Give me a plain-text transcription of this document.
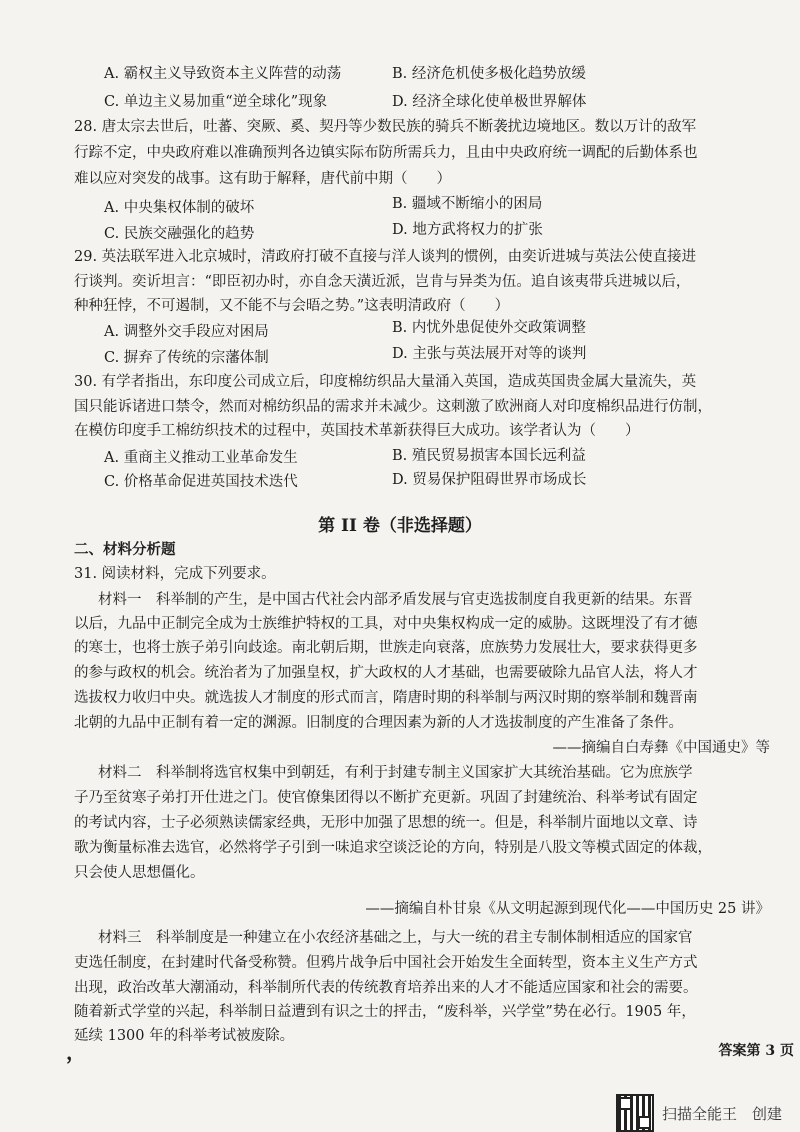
A. 霸权主义导致资本主义阵营的动荡	B. 经济危机使多极化趋势放缓
C. 单边主义易加重“逆全球化”现象	D. 经济全球化使单极世界解体
28. 唐太宗去世后，吐蕃、突厥、奚、契丹等少数民族的骑兵不断袭扰边境地区。数以万计的敌军
行踪不定，中央政府难以准确预判各边镇实际布防所需兵力，且由中央政府统一调配的后勤体系也
难以应对突发的战事。这有助于解释，唐代前中期（　　）
A. 中央集权体制的破坏	B. 疆域不断缩小的困局
C. 民族交融强化的趋势	D. 地方武将权力的扩张
29. 英法联军进入北京城时，清政府打破不直接与洋人谈判的惯例，由奕䜣进城与英法公使直接进
行谈判。奕䜣坦言：“即臣初办时，亦自念天潢近派，岂肯与异类为伍。追自该夷带兵进城以后，
种种狂悖，不可遏制，又不能不与会晤之势。”这表明清政府（　　）
A. 调整外交手段应对困局	B. 内忧外患促使外交政策调整
C. 摒弃了传统的宗藩体制	D. 主张与英法展开对等的谈判
30. 有学者指出，东印度公司成立后，印度棉纺织品大量涌入英国，造成英国贵金属大量流失，英
国只能诉诸进口禁令，然而对棉纺织品的需求并未减少。这刺激了欧洲商人对印度棉织品进行仿制，
在模仿印度手工棉纺织技术的过程中，英国技术革新获得巨大成功。该学者认为（　　）
A. 重商主义推动工业革命发生	B. 殖民贸易损害本国长远利益
C. 价格革命促进英国技术迭代	D. 贸易保护阻碍世界市场成长
第 II 卷（非选择题）
二、材料分析题
31. 阅读材料，完成下列要求。
材料一　科举制的产生，是中国古代社会内部矛盾发展与官吏选拔制度自我更新的结果。东晋
以后，九品中正制完全成为士族维护特权的工具，对中央集权构成一定的威胁。这既埋没了有才德
的寒士，也将士族子弟引向歧途。南北朝后期，世族走向衰落，庶族势力发展壮大，要求获得更多
的参与政权的机会。统治者为了加强皇权，扩大政权的人才基础，也需要破除九品官人法，将人才
选拔权力收归中央。就选拔人才制度的形式而言，隋唐时期的科举制与两汉时期的察举制和魏晋南
北朝的九品中正制有着一定的渊源。旧制度的合理因素为新的人才选拔制度的产生准备了条件。
——摘编自白寿彝《中国通史》等
材料二　科举制将选官权集中到朝廷，有利于封建专制主义国家扩大其统治基础。它为庶族学
子乃至贫寒子弟打开仕进之门。使官僚集团得以不断扩充更新。巩固了封建统治、科举考试有固定
的考试内容，士子必须熟读儒家经典，无形中加强了思想的统一。但是，科举制片面地以文章、诗
歌为衡量标准去选官，必然将学子引到一味追求空谈泛论的方向，特别是八股文等模式固定的体裁，
只会使人思想僵化。
——摘编自朴甘泉《从文明起源到现代化——中国历史 25 讲》
材料三　科举制度是一种建立在小农经济基础之上，与大一统的君主专制体制相适应的国家官
吏选任制度，在封建时代备受称赞。但鸦片战争后中国社会开始发生全面转型，资本主义生产方式
出现，政治改革大潮涌动，科举制所代表的传统教育培养出来的人才不能适应国家和社会的需要。
随着新式学堂的兴起，科举制日益遭到有识之士的抨击，“废科举，兴学堂”势在必行。1905 年，
延续 1300 年的科举考试被废除。
，	答案第 3 页
扫描全能王　创建
